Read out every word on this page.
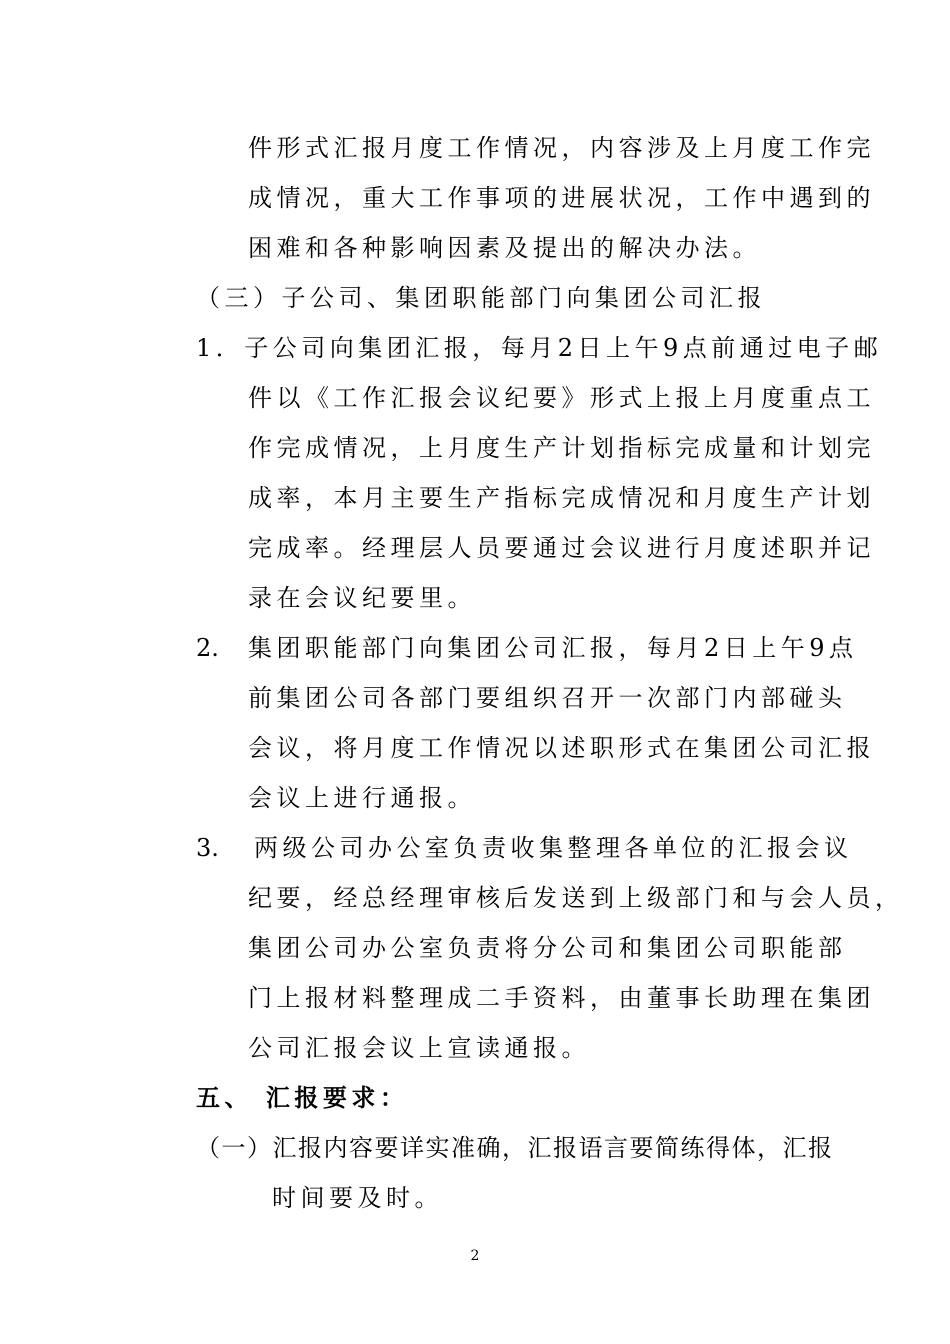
件形式汇报月度工作情况，内容涉及上月度工作完
成情况，重大工作事项的进展状况，工作中遇到的
困难和各种影响因素及提出的解决办法。
（三）子公司、集团职能部门向集团公司汇报
1．子公司向集团汇报，每月2日上午9点前通过电子邮
件以《工作汇报会议纪要》形式上报上月度重点工
作完成情况，上月度生产计划指标完成量和计划完
成率，本月主要生产指标完成情况和月度生产计划
完成率。经理层人员要通过会议进行月度述职并记
录在会议纪要里。
2. 集团职能部门向集团公司汇报，每月2日上午9点
前集团公司各部门要组织召开一次部门内部碰头
会议，将月度工作情况以述职形式在集团公司汇报
会议上进行通报。
3. 两级公司办公室负责收集整理各单位的汇报会议
纪要，经总经理审核后发送到上级部门和与会人员，
集团公司办公室负责将分公司和集团公司职能部
门上报材料整理成二手资料，由董事长助理在集团
公司汇报会议上宣读通报。
五、 汇报要求：
（一）汇报内容要详实准确，汇报语言要简练得体，汇报
时间要及时。
2
